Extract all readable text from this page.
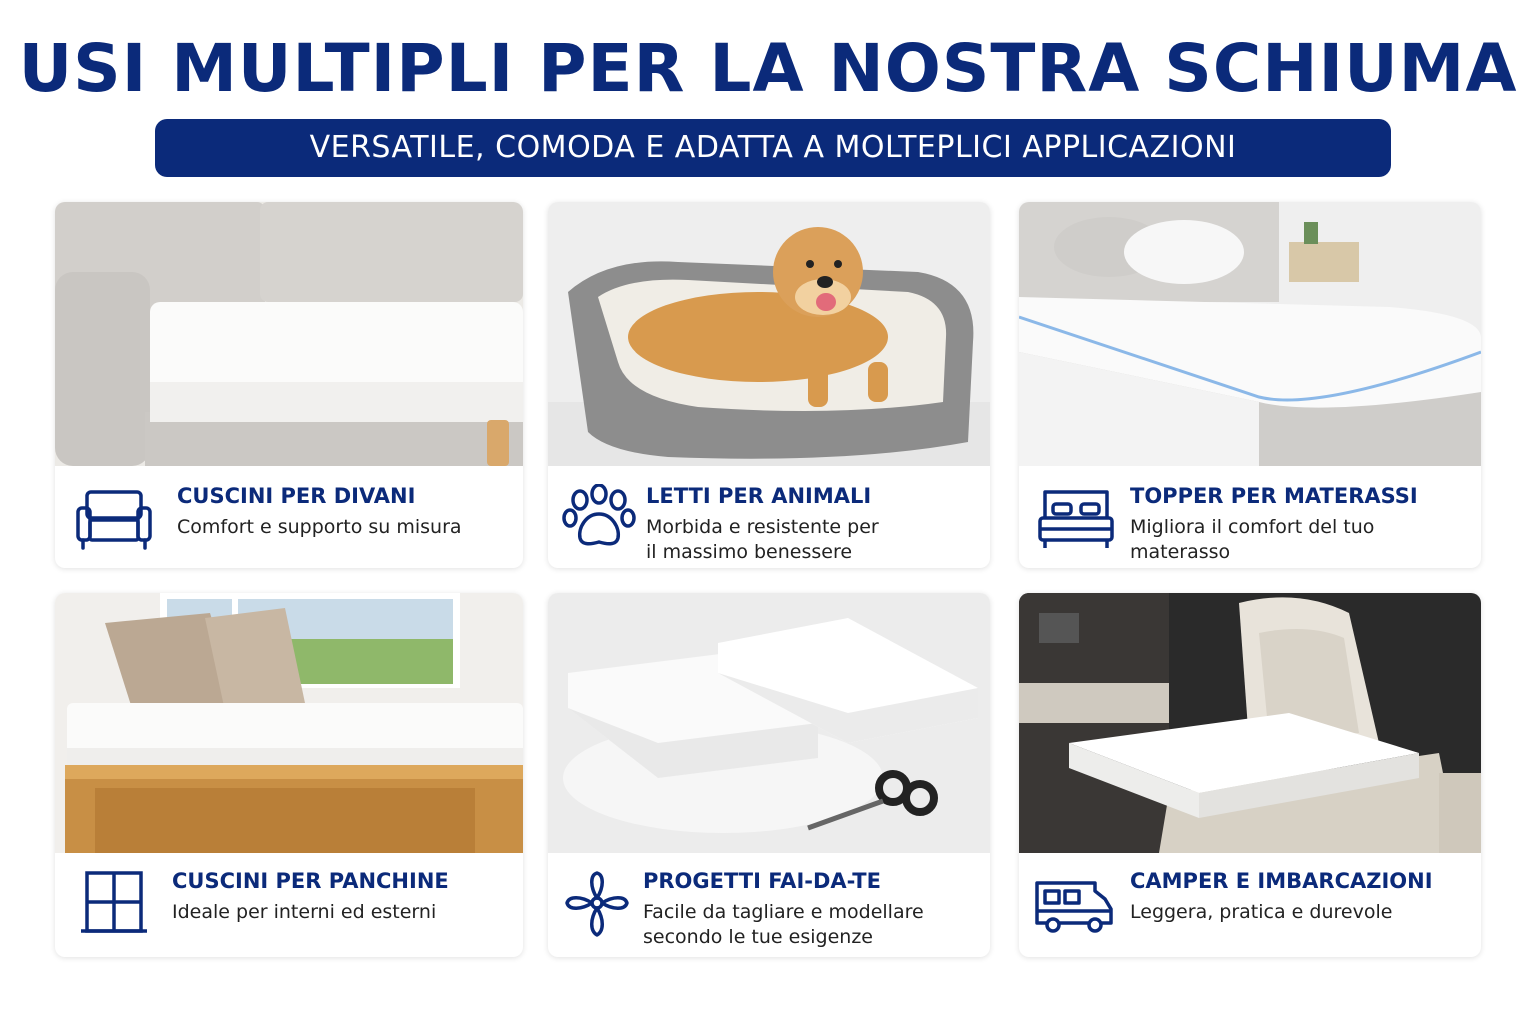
USI MULTIPLI PER LA NOSTRA SCHIUMA
VERSATILE, COMODA E ADATTA A MOLTEPLICI APPLICAZIONI
CUSCINI PER DIVANI
Comfort e supporto su misura
LETTI PER ANIMALI
Morbida e resistente per
il massimo benessere
TOPPER PER MATERASSI
Migliora il comfort del tuo
materasso
CUSCINI PER PANCHINE
Ideale per interni ed esterni
PROGETTI FAI-DA-TE
Facile da tagliare e modellare
secondo le tue esigenze
CAMPER E IMBARCAZIONI
Leggera, pratica e durevole
